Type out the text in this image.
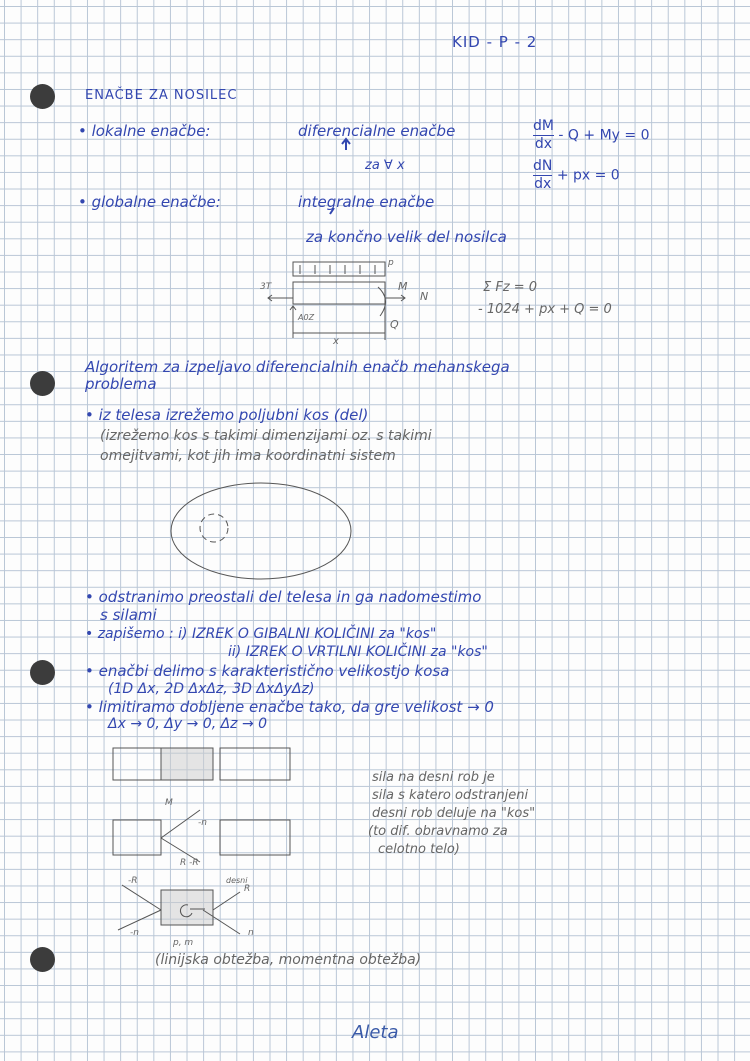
KID - P - 2
ENAČBE ZA NOSILEC
• lokalne enačbe:	diferencialne enačbe
za ∀ x
$\frac{dM}{dx} - Q + My = 0$
$\frac{dN}{dx}$ + px = 0
• globalne enačbe:	integralne enačbe
za končno velik del nosilca
3T
p
M
N
Q
A0Z
x
Σ Fz = 0
- 1024 + px + Q = 0
Algoritem za izpeljavo diferencialnih enačb mehanskega
problema
• iz telesa izrežemo poljubni kos (del)
(izrežemo kos s takimi dimenzijami oz. s takimi
omejitvami, kot jih ima koordinatni sistem
• odstranimo preostali del telesa in ga nadomestimo
s silami
• zapišemo : i) IZREK O GIBALNI KOLIČINI za "kos"
ii) IZREK O VRTILNI KOLIČINI za "kos"
• enačbi delimo s karakteristično velikostjo kosa
(1D Δx, 2D ΔxΔz, 3D ΔxΔyΔz)
• limitiramo dobljene enačbe tako, da gre velikost → 0
Δx → 0, Δy → 0, Δz → 0
M
-n
R -R
-R
-n
desni
R
n
p, m
sila na desni rob je
sila s katero odstranjeni
desni rob deluje na "kos"
(to dif. obravnamo za
celotno telo)
(linijska obtežba, momentna obtežba)
Aleta
